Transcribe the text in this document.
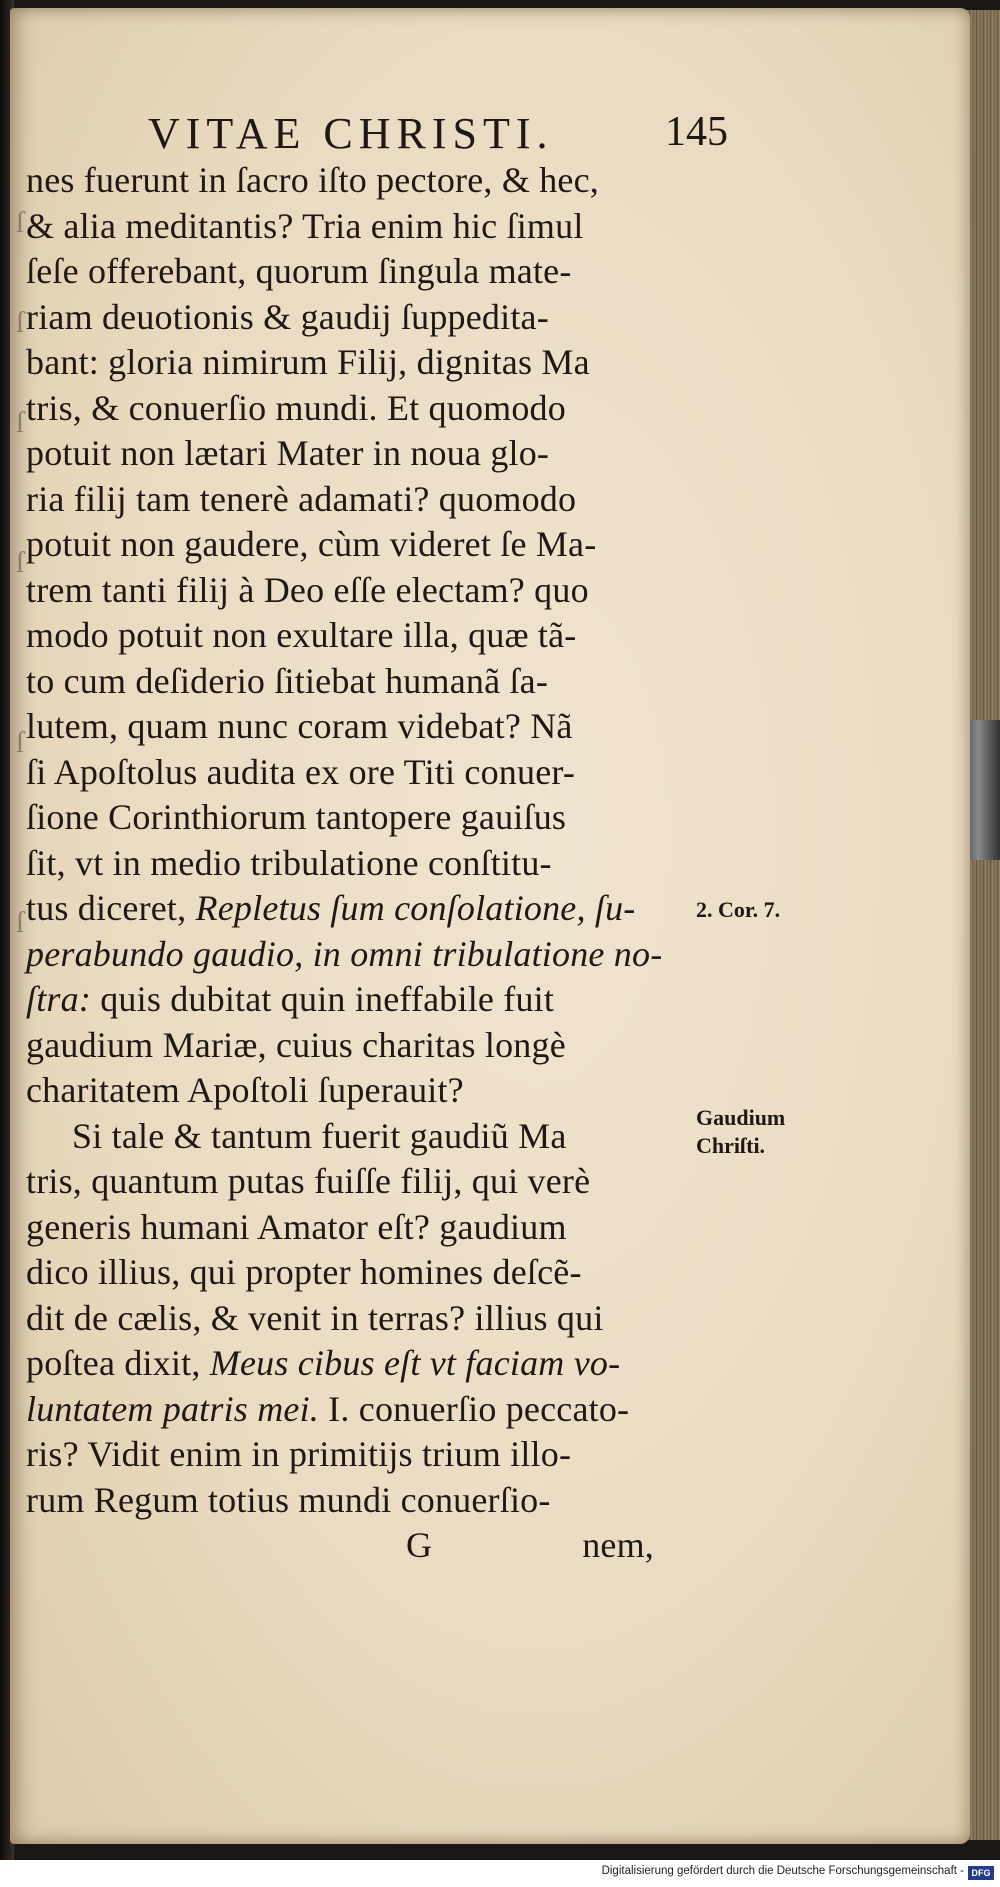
ſ
ſ
ſ
ſ
ſ
ſ
VITAE CHRISTI.	145
nes fuerunt in ſacro iſto pectore, & hec,
& alia meditantis? Tria enim hic ſimul
ſeſe offerebant, quorum ſingula mate-
riam deuotionis & gaudij ſuppedita-
bant: gloria nimirum Filij, dignitas Ma
tris, & conuerſio mundi. Et quomodo
potuit non lætari Mater in noua glo-
ria filij tam tenerè adamati? quomodo
potuit non gaudere, cùm videret ſe Ma-
trem tanti filij à Deo eſſe electam? quo
modo potuit non exultare illa, quæ tã-
to cum deſiderio ſitiebat humanã ſa-
lutem, quam nunc coram videbat? Nã
ſi Apoſtolus audita ex ore Titi conuer-
ſione Corinthiorum tantopere gauiſus
ſit, vt in medio tribulatione conſtitu-
tus diceret, Repletus ſum conſolatione, ſu-
perabundo gaudio, in omni tribulatione no-
ſtra: quis dubitat quin ineffabile fuit
gaudium Mariæ, cuius charitas longè
charitatem Apoſtoli ſuperauit?
Si tale & tantum fuerit gaudiũ Ma
tris, quantum putas fuiſſe filij, qui verè
generis humani Amator eſt? gaudium
dico illius, qui propter homines deſcẽ-
dit de cælis, & venit in terras? illius qui
poſtea dixit, Meus cibus eſt vt faciam vo-
luntatem patris mei. I. conuerſio peccato-
ris? Vidit enim in primitijs trium illo-
rum Regum totius mundi conuerſio-
G	nem,
2. Cor. 7.
Gaudium
Chriſti.
Digitalisierung gefördert durch die Deutsche Forschungsgemeinschaft - DFG
